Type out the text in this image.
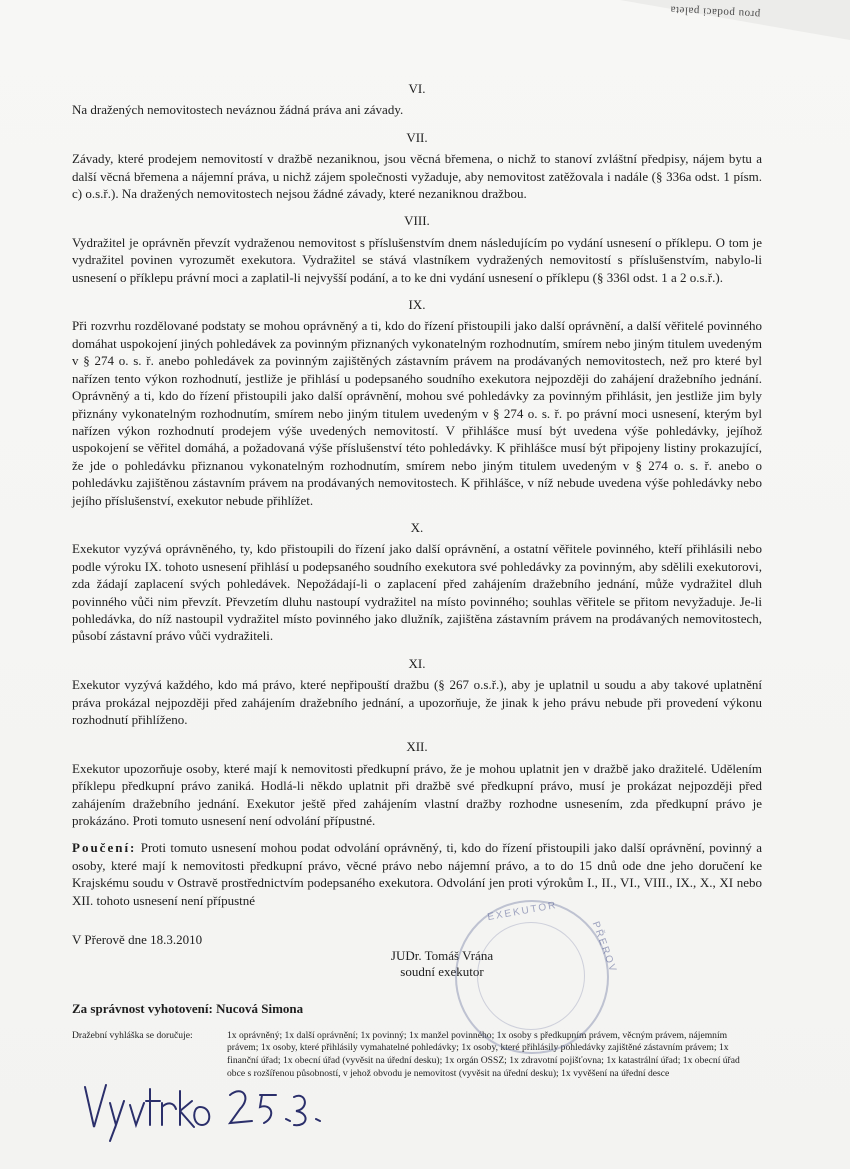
prou podaci paleta
VI.
Na dražených nemovitostech neváznou žádná práva ani závady.
VII.
Závady, které prodejem nemovitostí v dražbě nezaniknou, jsou věcná břemena, o nichž to stanoví zvláštní předpisy, nájem bytu a další věcná břemena a nájemní práva, u nichž zájem společnosti vyžaduje, aby nemovitost zatěžovala i nadále (§ 336a odst. 1 písm. c) o.s.ř.). Na dražených nemovitostech nejsou žádné závady, které nezaniknou dražbou.
VIII.
Vydražitel je oprávněn převzít vydraženou nemovitost s příslušenstvím dnem následujícím po vydání usnesení o příklepu. O tom je vydražitel povinen vyrozumět exekutora. Vydražitel se stává vlastníkem vydražených nemovitostí s příslušenstvím, nabylo-li usnesení o příklepu právní moci a zaplatil-li nejvyšší podání, a to ke dni vydání usnesení o příklepu (§ 336l odst. 1 a 2 o.s.ř.).
IX.
Při rozvrhu rozdělované podstaty se mohou oprávněný a ti, kdo do řízení přistoupili jako další oprávnění, a další věřitelé povinného domáhat uspokojení jiných pohledávek za povinným přiznaných vykonatelným rozhodnutím, smírem nebo jiným titulem uvedeným v § 274 o. s. ř. anebo pohledávek za povinným zajištěných zástavním právem na prodávaných nemovitostech, než pro které byl nařízen tento výkon rozhodnutí, jestliže je přihlásí u podepsaného soudního exekutora nejpozději do zahájení dražebního jednání. Oprávněný a ti, kdo do řízení přistoupili jako další oprávnění, mohou své pohledávky za povinným přihlásit, jen jestliže jim byly přiznány vykonatelným rozhodnutím, smírem nebo jiným titulem uvedeným v § 274 o. s. ř. po právní moci usnesení, kterým byl nařízen výkon rozhodnutí prodejem výše uvedených nemovitostí. V přihlášce musí být uvedena výše pohledávky, jejíhož uspokojení se věřitel domáhá, a požadovaná výše příslušenství této pohledávky. K přihlášce musí být připojeny listiny prokazující, že jde o pohledávku přiznanou vykonatelným rozhodnutím, smírem nebo jiným titulem uvedeným v § 274 o. s. ř. anebo o pohledávku zajištěnou zástavním právem na prodávaných nemovitostech. K přihlášce, v níž nebude uvedena výše pohledávky nebo jejího příslušenství, exekutor nebude přihlížet.
X.
Exekutor vyzývá oprávněného, ty, kdo přistoupili do řízení jako další oprávnění, a ostatní věřitele povinného, kteří přihlásili nebo podle výroku IX. tohoto usnesení přihlásí u podepsaného soudního exekutora své pohledávky za povinným, aby sdělili exekutorovi, zda žádají zaplacení svých pohledávek. Nepožádají-li o zaplacení před zahájením dražebního jednání, může vydražitel dluh povinného vůči nim převzít. Převzetím dluhu nastoupí vydražitel na místo povinného; souhlas věřitele se přitom nevyžaduje. Je-li pohledávka, do níž nastoupil vydražitel místo povinného jako dlužník, zajištěna zástavním právem na prodávaných nemovitostech, působí zástavní právo vůči vydražiteli.
XI.
Exekutor vyzývá každého, kdo má právo, které nepřipouští dražbu (§ 267 o.s.ř.), aby je uplatnil u soudu a aby takové uplatnění práva prokázal nejpozději před zahájením dražebního jednání, a upozorňuje, že jinak k jeho právu nebude při provedení výkonu rozhodnutí přihlíženo.
XII.
Exekutor upozorňuje osoby, které mají k nemovitosti předkupní právo, že je mohou uplatnit jen v dražbě jako dražitelé. Udělením příklepu předkupní právo zaniká. Hodlá-li někdo uplatnit při dražbě své předkupní právo, musí je prokázat nejpozději před zahájením dražebního jednání. Exekutor ještě před zahájením vlastní dražby rozhodne usnesením, zda předkupní právo je prokázáno. Proti tomuto usnesení není odvolání přípustné.
Poučení: Proti tomuto usnesení mohou podat odvolání oprávněný, ti, kdo do řízení přistoupili jako další oprávnění, povinný a osoby, které mají k nemovitosti předkupní právo, věcné právo nebo nájemní právo, a to do 15 dnů ode dne jeho doručení ke Krajskému soudu v Ostravě prostřednictvím podepsaného exekutora. Odvolání jen proti výrokům I., II., VI., VIII., IX., X., XI nebo XII. tohoto usnesení není přípustné
V Přerově dne 18.3.2010
JUDr. Tomáš Vrána
soudní exekutor
Za správnost vyhotovení: Nucová Simona
Dražební vyhláška se doručuje:	1x oprávněný; 1x další oprávnění; 1x povinný; 1x manžel povinného; 1x osoby s předkupním právem, věcným právem, nájemním právem; 1x osoby, které přihlásily vymahatelné pohledávky; 1x osoby, které přihlásily pohledávky zajištěné zástavním právem; 1x finanční úřad; 1x obecní úřad (vyvěsit na úřední desku); 1x orgán OSSZ; 1x zdravotní pojišťovna; 1x katastrální úřad; 1x obecní úřad obce s rozšířenou působností, v jehož obvodu je nemovitost (vyvěsit na úřední desku); 1x vyvěšení na úřední desce
EXEKUTOR
PŘEROV
Vyvěšeno 25. 3. 2010
